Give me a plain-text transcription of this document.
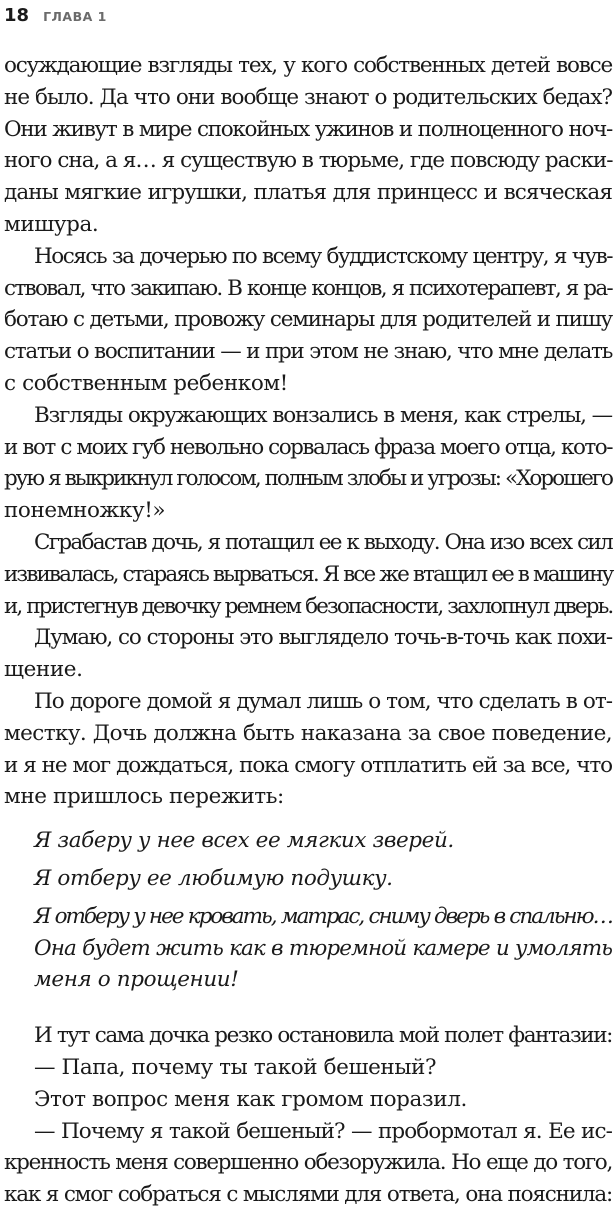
18 ГЛАВА 1
осуждающие взгляды тех, у кого собственных детей вовсе
не было. Да что они вообще знают о родительских бедах?
Они живут в мире спокойных ужинов и полноценного ноч-
ного сна, а я… я существую в тюрьме, где повсюду раски-
даны мягкие игрушки, платья для принцесс и всяческая
мишура.
Носясь за дочерью по всему буддистскому центру, я чув-
ствовал, что закипаю. В конце концов, я психотерапевт, я ра-
ботаю с детьми, провожу семинары для родителей и пишу
статьи о воспитании — и при этом не знаю, что мне делать
с собственным ребенком!
Взгляды окружающих вонзались в меня, как стрелы, —
и вот с моих губ невольно сорвалась фраза моего отца, кото-
рую я выкрикнул голосом, полным злобы и угрозы: «Хорошего
понемножку!»
Сграбастав дочь, я потащил ее к выходу. Она изо всех сил
извивалась, стараясь вырваться. Я все же втащил ее в машину
и, пристегнув девочку ремнем безопасности, захлопнул дверь.
Думаю, со стороны это выглядело точь-в-точь как похи-
щение.
По дороге домой я думал лишь о том, что сделать в от-
местку. Дочь должна быть наказана за свое поведение,
и я не мог дождаться, пока смогу отплатить ей за все, что
мне пришлось пережить:
Я заберу у нее всех ее мягких зверей.
Я отберу ее любимую подушку.
Я отберу у нее кровать, матрас, сниму дверь в спальню…
Она будет жить как в тюремной камере и умолять
меня о прощении!
И тут сама дочка резко остановила мой полет фантазии:
— Папа, почему ты такой бешеный?
Этот вопрос меня как громом поразил.
— Почему я такой бешеный? — пробормотал я. Ее ис-
кренность меня совершенно обезоружила. Но еще до того,
как я смог собраться с мыслями для ответа, она пояснила:
